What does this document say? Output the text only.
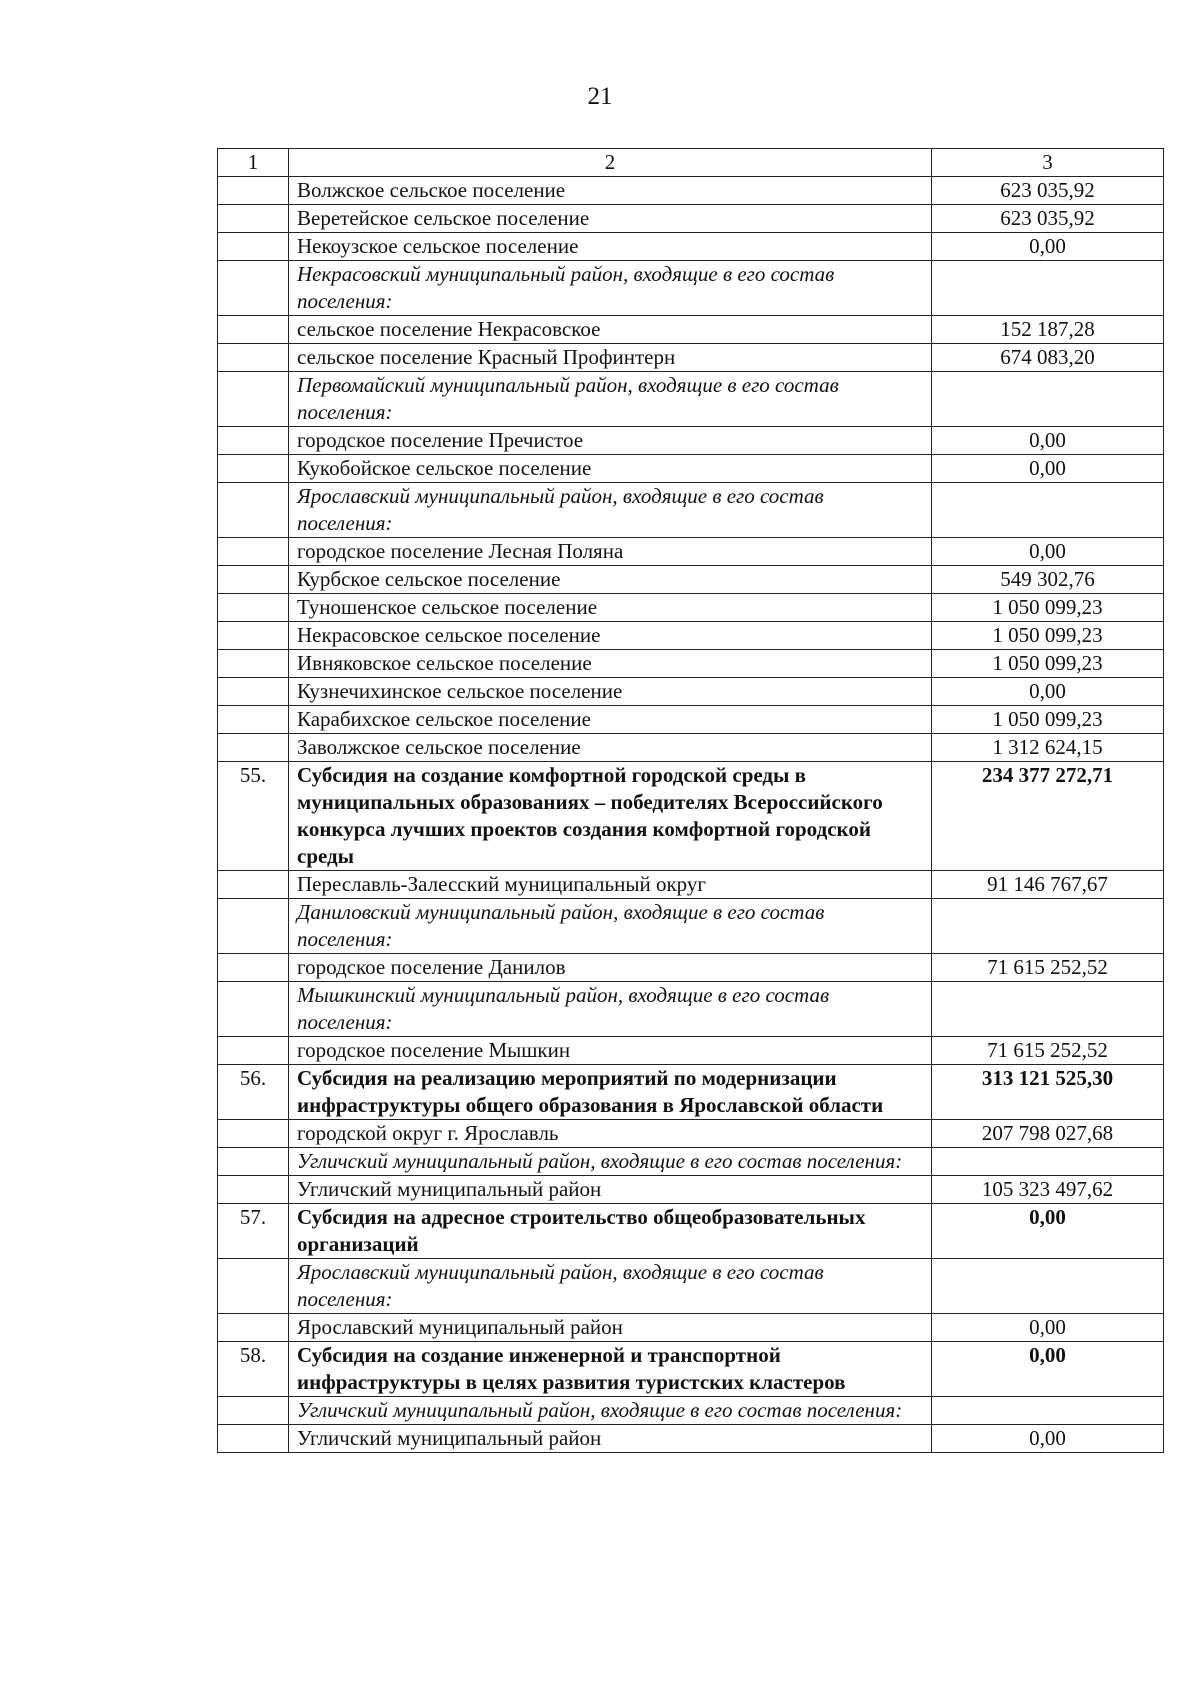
21
1	2	3
	Волжское сельское поселение	623 035,92
	Веретейское сельское поселение	623 035,92
	Некоузское сельское поселение	0,00
	Некрасовский муниципальный район, входящие в его состав поселения:	
	сельское поселение Некрасовское	152 187,28
	сельское поселение Красный Профинтерн	674 083,20
	Первомайский муниципальный район, входящие в его состав поселения:	
	городское поселение Пречистое	0,00
	Кукобойское сельское поселение	0,00
	Ярославский муниципальный район, входящие в его состав поселения:	
	городское поселение Лесная Поляна	0,00
	Курбское сельское поселение	549 302,76
	Туношенское сельское поселение	1 050 099,23
	Некрасовское сельское поселение	1 050 099,23
	Ивняковское сельское поселение	1 050 099,23
	Кузнечихинское сельское поселение	0,00
	Карабихское сельское поселение	1 050 099,23
	Заволжское сельское поселение	1 312 624,15
55.	Субсидия на создание комфортной городской среды в муниципальных образованиях – победителях Всероссийского конкурса лучших проектов создания комфортной городской среды	234 377 272,71
	Переславль-Залесский муниципальный округ	91 146 767,67
	Даниловский муниципальный район, входящие в его состав поселения:	
	городское поселение Данилов	71 615 252,52
	Мышкинский муниципальный район, входящие в его состав поселения:	
	городское поселение Мышкин	71 615 252,52
56.	Субсидия на реализацию мероприятий по модернизации инфраструктуры общего образования в Ярославской области	313 121 525,30
	городской округ г. Ярославль	207 798 027,68
	Угличский муниципальный район, входящие в его состав поселения:	
	Угличский муниципальный район	105 323 497,62
57.	Субсидия на адресное строительство общеобразовательных организаций	0,00
	Ярославский муниципальный район, входящие в его состав поселения:	
	Ярославский муниципальный район	0,00
58.	Субсидия на создание инженерной и транспортной инфраструктуры в целях развития туристских кластеров	0,00
	Угличский муниципальный район, входящие в его состав поселения:	
	Угличский муниципальный район	0,00
